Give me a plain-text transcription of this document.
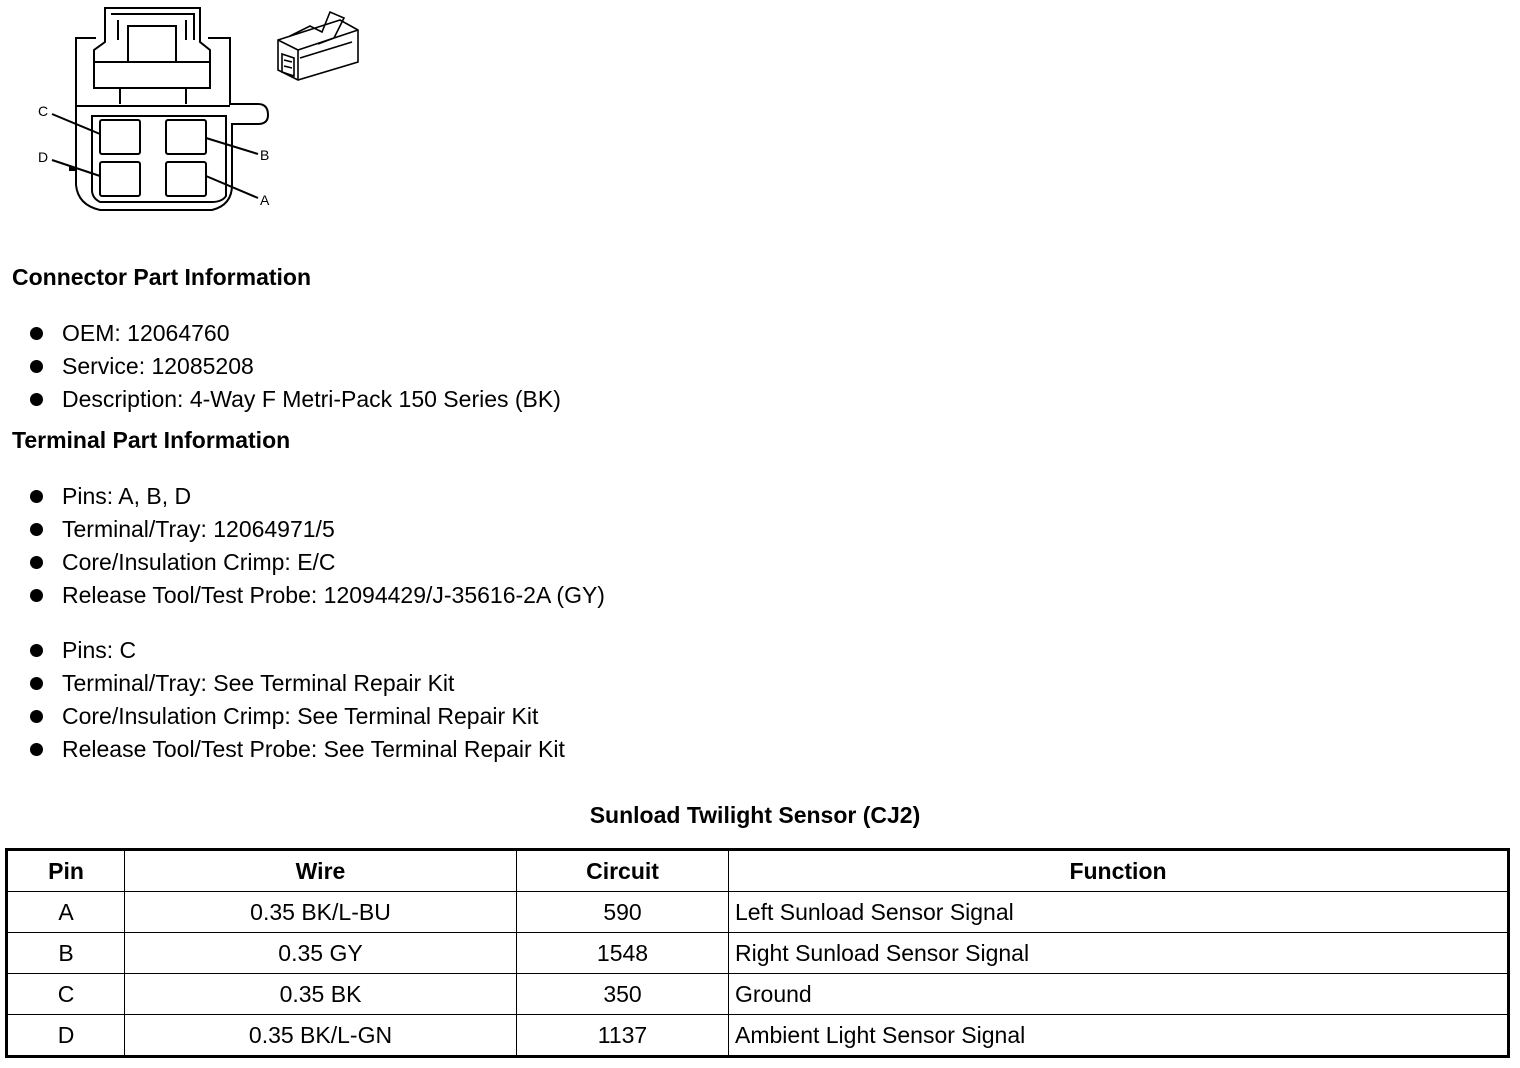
C
D	B
A
Connector Part Information
OEM: 12064760
Service: 12085208
Description: 4-Way F Metri-Pack 150 Series (BK)
Terminal Part Information
Pins: A, B, D
Terminal/Tray: 12064971/5
Core/Insulation Crimp: E/C
Release Tool/Test Probe: 12094429/J-35616-2A (GY)
Pins: C
Terminal/Tray: See Terminal Repair Kit
Core/Insulation Crimp: See Terminal Repair Kit
Release Tool/Test Probe: See Terminal Repair Kit
Sunload Twilight Sensor (CJ2)
Pin	Wire	Circuit	Function
A	0.35 BK/L-BU	590	Left Sunload Sensor Signal
B	0.35 GY	1548	Right Sunload Sensor Signal
C	0.35 BK	350	Ground
D	0.35 BK/L-GN	1137	Ambient Light Sensor Signal
